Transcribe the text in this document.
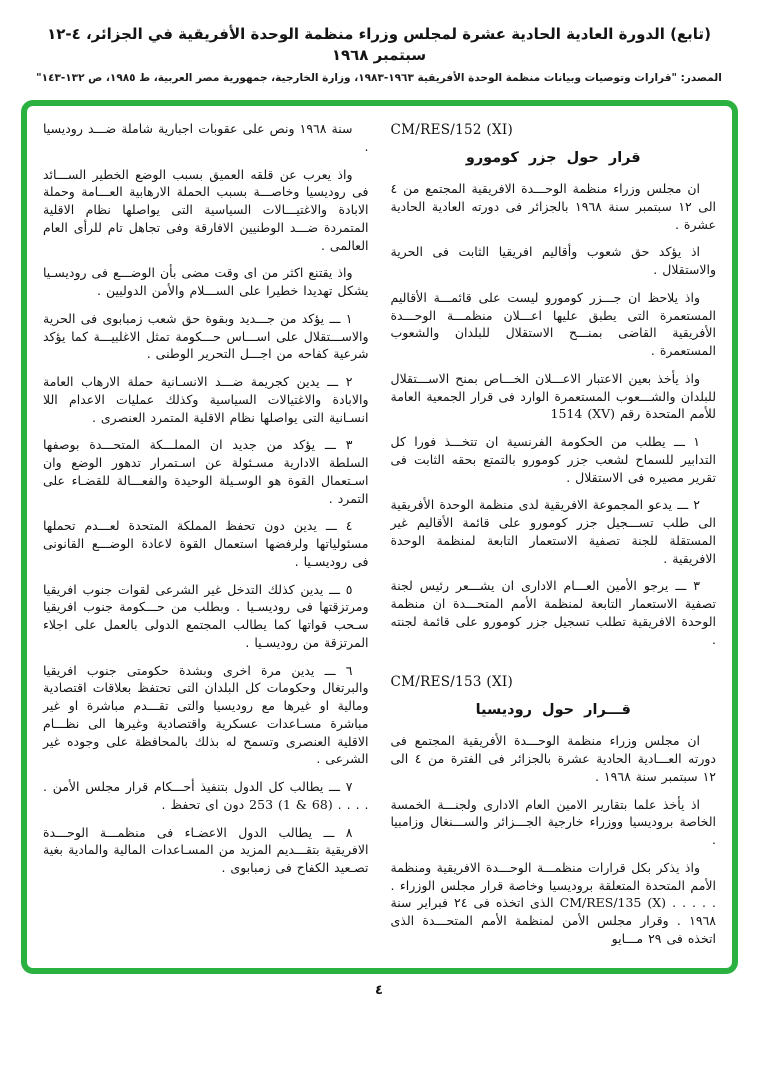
(تابع) الدورة العادية الحادية عشرة لمجلس وزراء منظمة الوحدة الأفريقية في الجزائر، ٤-١٢ سبتمبر ١٩٦٨
المصدر: "قرارات وتوصيات وبيانات منظمة الوحدة الأفريقية ١٩٦٣-١٩٨٣، وزارة الخارجية، جمهورية مصر العربية، ط ١٩٨٥، ص ١٣٢-١٤٣"
CM/RES/152 (XI)
قرار حول جزر كومورو

ان مجلس وزراء منظمة الوحـــدة الافريقية المجتمع من ٤ الى ١٢ سبتمبر سنة ١٩٦٨ بالجزائر فى دورته العادية الحادية عشرة .

اذ يؤكد حق شعوب وأقاليم افريقيا الثابت فى الحرية والاستقلال .

واذ يلاحظ ان جـــزر كومورو ليست على قائمـــة الأقاليم المستعمرة التى يطبق عليها اعـــلان منظمـــة الوحـــدة الأفريقية القاضى بمنـــح الاستقلال للبلدان والشعوب المستعمرة .

واذ يأخذ بعين الاعتبار الاعـــلان الخـــاص بمنح الاســـتقلال للبلدان والشـــعوب المستعمرة الوارد فى قرار الجمعية العامة للأمم المتحدة رقم 1514 (XV)

١ ـــ يطلب من الحكومة الفرنسية ان تتخـــذ فورا كل التدابير للسماح لشعب جزر كومورو بالتمتع بحقه الثابت فى تقرير مصيره فى الاستقلال .

٢ ـــ يدعو المجموعة الافريقية لدى منظمة الوحدة الأفريقية الى طلب تســـجيل جزر كومورو على قائمة الأقاليم غير المستقلة للجنة تصفية الاستعمار التابعة لمنظمة الوحدة الافريقية .

٣ ـــ يرجو الأمين العـــام الادارى ان يشـــعر رئيس لجنة تصفية الاستعمار التابعة لمنظمة الأمم المتحـــدة ان منظمة الوحدة الافريقية تطلب تسجيل جزر كومورو على قائمة لجنته .

CM/RES/153 (XI)
قـــرار حول روديسيا

ان مجلس وزراء منظمة الوحـــدة الأفريقية المجتمع فى دورته العـــادية الحادية عشرة بالجزائر فى الفترة من ٤ الى ١٢ سبتمبر سنة ١٩٦٨ .

اذ يأخذ علما بتقارير الامين العام الادارى ولجنـــة الخمسة الخاصة بروديسيا ووزراء خارجية الجـــزائر والســـنغال وزامبيا .

واذ يذكر بكل قرارات منظمـــة الوحـــدة الافريقية ومنظمة الأمم المتحدة المتعلقة بروديسيا وخاصة قرار مجلس الوزراء . . . . . . CM/RES/135 (X) الذى اتخذه فى ٢٤ فبراير سنة ١٩٦٨ . وقرار مجلس الأمن لمنظمة الأمم المتحـــدة الذى اتخذه فى ٢٩ مـــايو

سنة ١٩٦٨ ونص على عقوبات اجبارية شاملة ضـــد روديسيا .

واذ يعرب عن قلقه العميق بسبب الوضع الخطير الســـائد فى روديسيا وخاصـــة بسبب الحملة الارهابية العـــامة وحملة الابادة والاغتيـــالات السياسية التى يواصلها نظام الاقلية المتمردة ضـــد الوطنيين الافارقة وفى تجاهل تام للرأى العام العالمى .

واذ يقتنع اكثر من اى وقت مضى بأن الوضـــع فى روديسـيا يشكل تهديدا خطيرا على الســـلام والأمن الدوليين .

١ ـــ يؤكد من جـــديد وبقوة حق شعب زمبابوى فى الحرية والاســـتقلال على اســـاس حـــكومة تمثل الاغلبيـــة كما يؤكد شرعية كفاحه من اجـــل التحرير الوطنى .

٢ ـــ يدين كجريمة ضـــد الانسـانية حملة الارهاب العامة والابادة والاغتيالات السياسية وكذلك عمليات الاعدام اللا انسـانية التى يواصلها نظام الاقلية المتمرد العنصرى .

٣ ـــ يؤكد من جديد ان المملـــكة المتحـــدة بوصفها السلطة الادارية مسـئولة عن اسـتمرار تدهور الوضع وان اسـتعمال القوة هو الوسـيلة الوحيدة والفعـــالة للقضـاء على التمرد .

٤ ـــ يدين دون تحفظ المملكة المتحدة لعـــدم تحملها مسئولياتها ولرفضها استعمال القوة لاعادة الوضـــع القانونى فى روديسـيا .

٥ ـــ يدين كذلك التدخل غير الشرعى لقوات جنوب افريقيا ومرتزقتها فى روديسـيا . وبطلب من حـــكومة جنوب افريقيا سـحب قواتها كما يطالب المجتمع الدولى بالعمل على اجلاء المرتزقة من روديسـيا .

٦ ـــ يدين مرة اخرى وبشدة حكومتى جنوب افريقيا والبرتغال وحكومات كل البلدان التى تحتفظ بعلاقات اقتصادية ومالية او غيرها مع روديسيا والتى تقـــدم مباشرة او غير مباشرة مسـاعدات عسكرية واقتصادية وغيرها الى نظـــام الاقلية العنصرى وتسمح له بذلك بالمحافظة على وجوده غير الشرعى .

٧ ـــ يطالب كل الدول بتنفيذ أحـــكام قرار مجلس الأمن . . . . . 253 (1 & 68) دون اى تحفظ .

٨ ـــ يطالب الدول الاعضـاء فى منظمـــة الوحـــدة الافريقية بتقـــديم المزيد من المسـاعدات المالية والمادية بغية تصـعيد الكفاح فى زمبابوى .

٤
